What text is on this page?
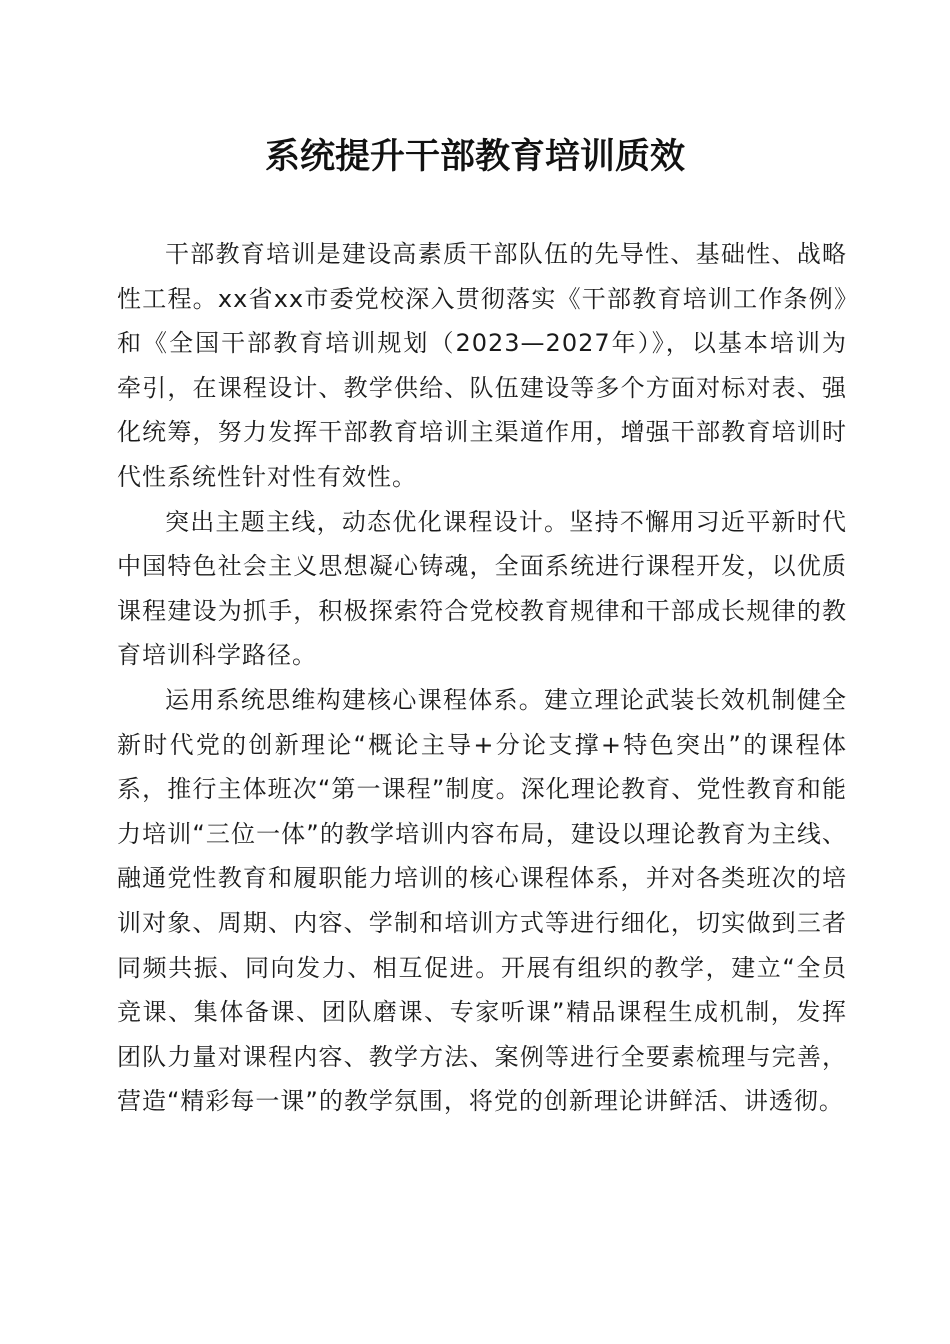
系统提升干部教育培训质效

干部教育培训是建设高素质干部队伍的先导性、基础性、战略性工程。xx省xx市委党校深入贯彻落实《干部教育培训工作条例》和《全国干部教育培训规划（2023—2027年）》，以基本培训为牵引，在课程设计、教学供给、队伍建设等多个方面对标对表、强化统筹，努力发挥干部教育培训主渠道作用，增强干部教育培训时代性系统性针对性有效性。

突出主题主线，动态优化课程设计。坚持不懈用习近平新时代中国特色社会主义思想凝心铸魂，全面系统进行课程开发，以优质课程建设为抓手，积极探索符合党校教育规律和干部成长规律的教育培训科学路径。

运用系统思维构建核心课程体系。建立理论武装长效机制健全新时代党的创新理论“概论主导+分论支撑+特色突出”的课程体系，推行主体班次“第一课程”制度。深化理论教育、党性教育和能力培训“三位一体”的教学培训内容布局，建设以理论教育为主线、融通党性教育和履职能力培训的核心课程体系，并对各类班次的培训对象、周期、内容、学制和培训方式等进行细化，切实做到三者同频共振、同向发力、相互促进。开展有组织的教学，建立“全员竞课、集体备课、团队磨课、专家听课”精品课程生成机制，发挥团队力量对课程内容、教学方法、案例等进行全要素梳理与完善，营造“精彩每一课”的教学氛围，将党的创新理论讲鲜活、讲透彻。
